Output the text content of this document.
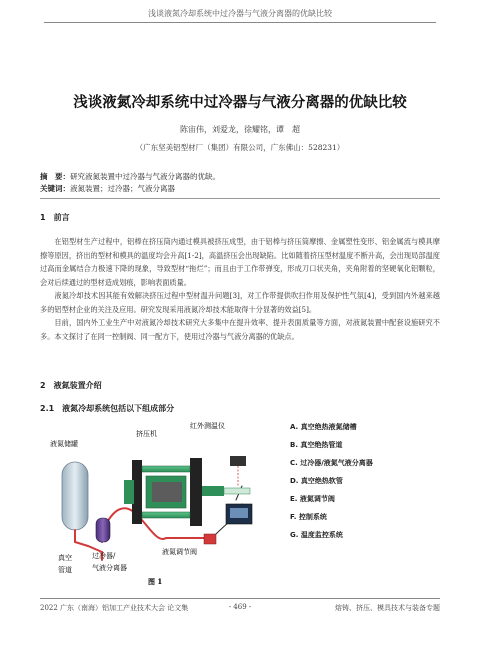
浅谈液氮冷却系统中过冷器与气液分离器的优缺比较
浅谈液氮冷却系统中过冷器与气液分离器的优缺比较
陈宙伟，刘爱龙，徐耀铭，谭　超
（广东坚美铝型材厂（集团）有限公司，广东佛山：528231）
摘　要：研究液氮装置中过冷器与气液分离器的优缺。
关键词：液氮装置；过冷器；气液分离器
1　前言

在铝型材生产过程中，铝棒在挤压筒内通过模具被挤压成型，由于铝棒与挤压筒摩擦、金属塑性变形、铝金属流与模具摩擦等原因，挤出的型材和模具的温度均会升高[1-2]，高温挤压会出现缺陷。比如随着挤压型材温度不断升高，会出现局部温度过高而金属结合力极速下降的现象，导致型材“拖烂”；而且由于工作带弹变，形成刀口状夹角，夹角附着的坚硬氧化铝颗粒，会对后续通过的型材造成划痕，影响表面质量。

液氮冷却技术因其能有效解决挤压过程中型材温升问题[3]，对工作带提供吹扫作用及保护性气氛[4]，受到国内外越来越多的铝型材企业的关注及应用。研究发现采用液氮冷却技术能取得十分显著的效益[5]。

目前，国内外工业生产中对液氮冷却技术研究大多集中在提升效率、提升表面质量等方面，对液氮装置中配套设施研究不多。本文探讨了在同一控制阀、同一配方下，使用过冷器与气液分离器的优缺点。

2　液氮装置介绍
2.1　液氮冷却系统包括以下组成部分
液氮储罐
挤压机
红外测温仪
真空
管道
过冷器/
气液分离器
液氮调节阀
图 1
A. 真空绝热液氮储槽
B. 真空绝热管道
C. 过冷器/液氮气液分离器
D. 真空绝热软管
E. 液氮调节阀
F. 控制系统
G. 温度监控系统
2022 广东（南海）铝加工产业技术大会 论文集	- 469 -	熔铸、挤压、模具技术与装备专题
